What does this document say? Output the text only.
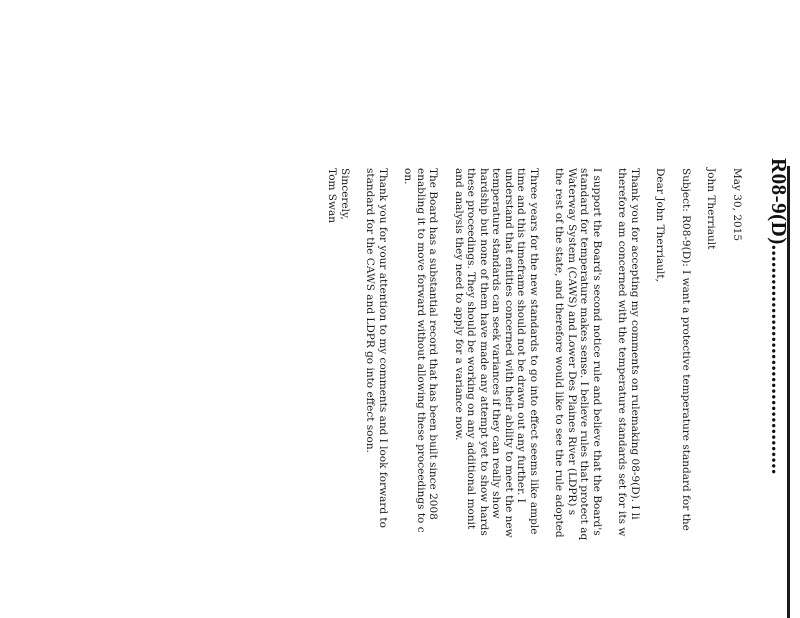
R08-9(D)........................................
May 30, 2015
John Therriault
Subject: R08-9(D): I want a protective temperature standard for the
Dear John Therriault,
Thank you for accepting my comments on rulemaking 08-9(D). I li
therefore am concerned with the temperature standards set for its w
I support the Board's second notice rule and believe that the Board's
standard for temperature makes sense. I believe rules that protect aq
Waterway System (CAWS) and Lower Des Plaines River (LDPR) s
the rest of the state, and therefore would like to see the rule adopted
Three years for the new standards to go into effect seems like ample
time and this timeframe should not be drawn out any further. I
understand that entities concerned with their ability to meet the new
temperature standards can seek variances if they can really show
hardship but none of them have made any attempt yet to show hards
these proceedings. They should be working on any additional monit
and analysis they need to apply for a variance now.
The Board has a substantial record that has been built since 2008
enabling it to move forward without allowing these proceedings to c
on.
Thank you for your attention to my comments and I look forward to
standard for the CAWS and LDPR go into effect soon.
Sincerely,
Tom Swan
